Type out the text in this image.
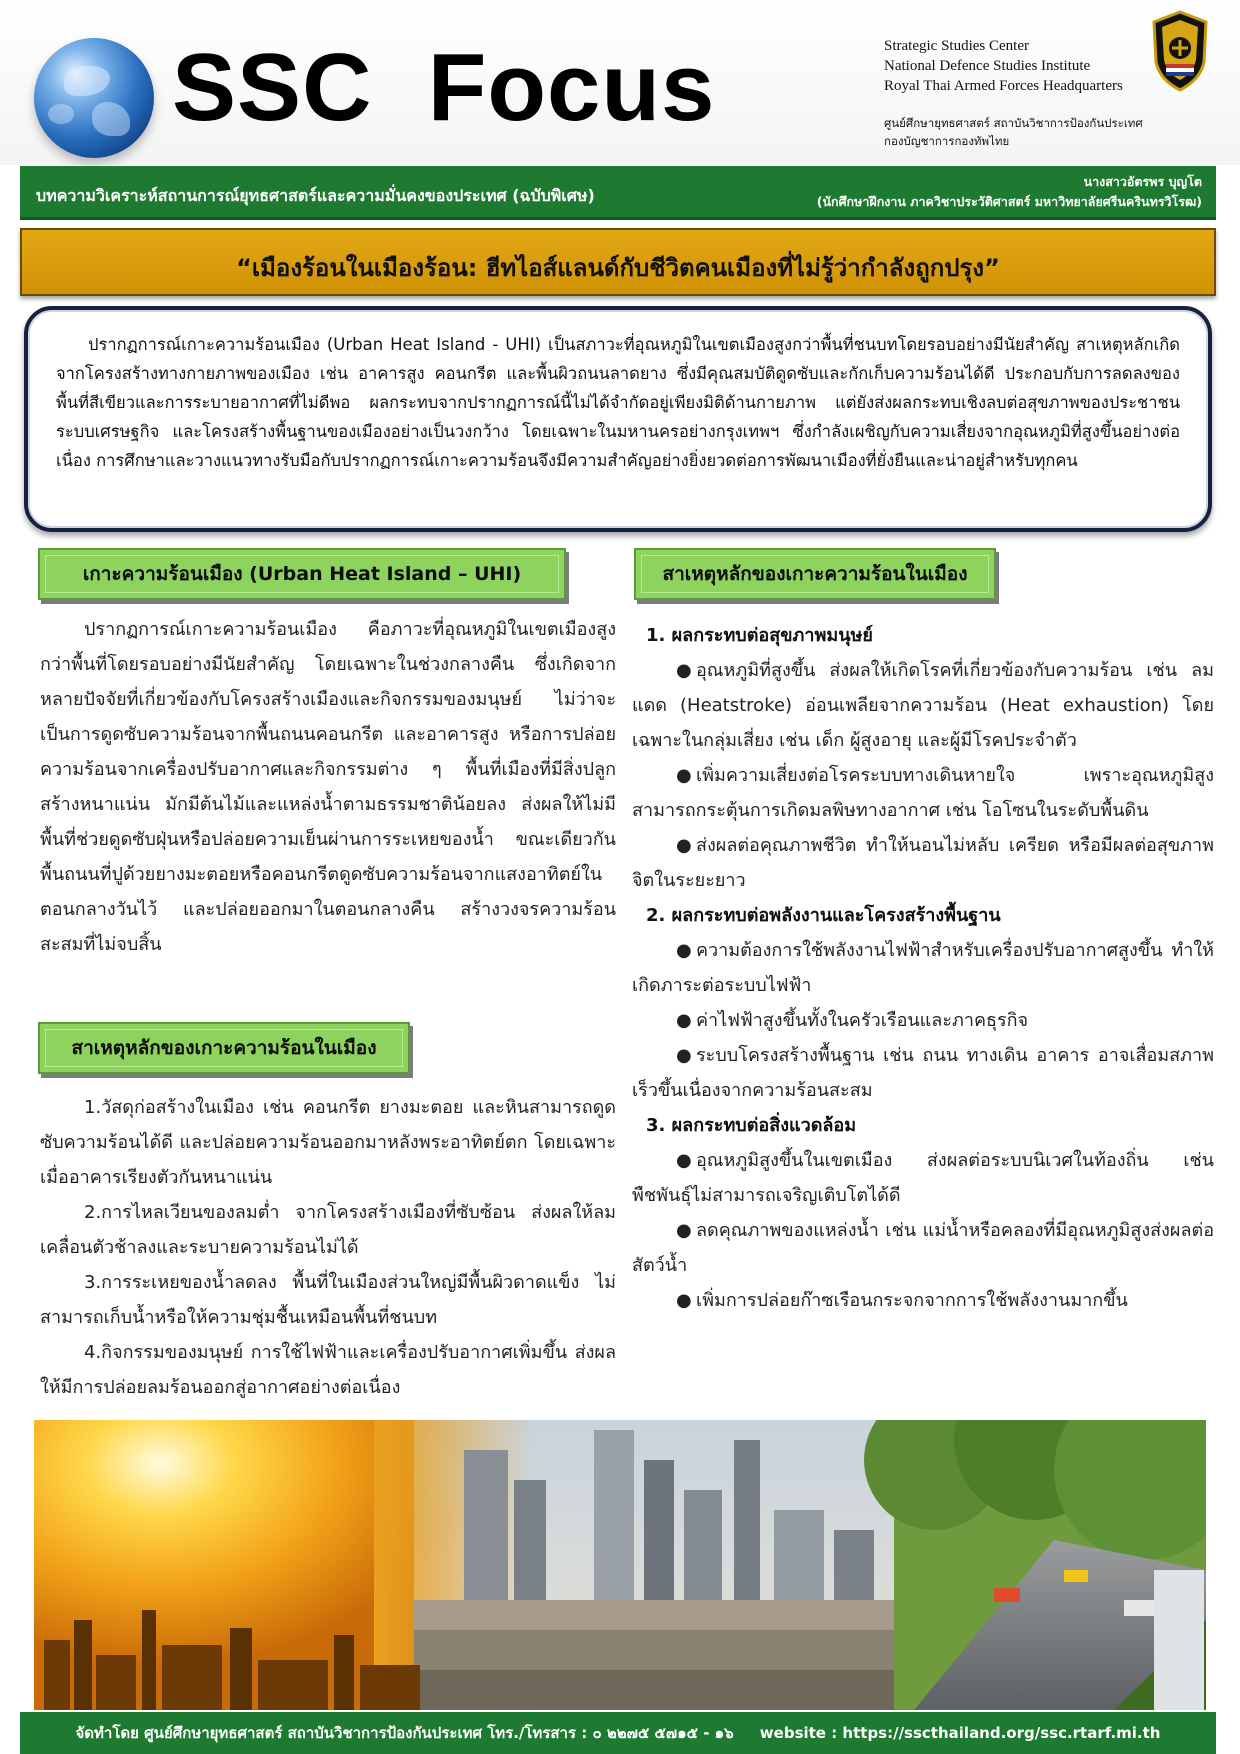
SSC  Focus	Strategic Studies Center
National Defence Studies Institute
Royal Thai Armed Forces Headquarters
ศูนย์ศึกษายุทธศาสตร์ สถาบันวิชาการป้องกันประเทศ
กองบัญชาการกองทัพไทย
บทความวิเคราะห์สถานการณ์ยุทธศาสตร์และความมั่นคงของประเทศ (ฉบับพิเศษ)
นางสาวอัตรพร บุญโต
(นักศึกษาฝึกงาน ภาควิชาประวัติศาสตร์ มหาวิทยาลัยศรีนครินทรวิโรฒ)
“เมืองร้อนในเมืองร้อน: ฮีทไอส์แลนด์กับชีวิตคนเมืองที่ไม่รู้ว่ากำลังถูกปรุง”

ปรากฏการณ์เกาะความร้อนเมือง (Urban Heat Island - UHI) เป็นสภาวะที่อุณหภูมิในเขตเมืองสูงกว่าพื้นที่ชนบทโดยรอบอย่างมีนัยสำคัญ สาเหตุหลักเกิดจากโครงสร้างทางกายภาพของเมือง เช่น อาคารสูง คอนกรีต และพื้นผิวถนนลาดยาง ซึ่งมีคุณสมบัติดูดซับและกักเก็บความร้อนได้ดี ประกอบกับการลดลงของพื้นที่สีเขียวและการระบายอากาศที่ไม่ดีพอ ผลกระทบจากปรากฏการณ์นี้ไม่ได้จำกัดอยู่เพียงมิติด้านกายภาพ แต่ยังส่งผลกระทบเชิงลบต่อสุขภาพของประชาชน ระบบเศรษฐกิจ และโครงสร้างพื้นฐานของเมืองอย่างเป็นวงกว้าง โดยเฉพาะในมหานครอย่างกรุงเทพฯ ซึ่งกำลังเผชิญกับความเสี่ยงจากอุณหภูมิที่สูงขึ้นอย่างต่อเนื่อง การศึกษาและวางแนวทางรับมือกับปรากฏการณ์เกาะความร้อนจึงมีความสำคัญอย่างยิ่งยวดต่อการพัฒนาเมืองที่ยั่งยืนและน่าอยู่สำหรับทุกคน

เกาะความร้อนเมือง (Urban Heat Island – UHI)

ปรากฏการณ์เกาะความร้อนเมือง คือภาวะที่อุณหภูมิในเขตเมืองสูงกว่าพื้นที่โดยรอบอย่างมีนัยสำคัญ โดยเฉพาะในช่วงกลางคืน ซึ่งเกิดจากหลายปัจจัยที่เกี่ยวข้องกับโครงสร้างเมืองและกิจกรรมของมนุษย์ ไม่ว่าจะเป็นการดูดซับความร้อนจากพื้นถนนคอนกรีต และอาคารสูง หรือการปล่อยความร้อนจากเครื่องปรับอากาศและกิจกรรมต่าง ๆ พื้นที่เมืองที่มีสิ่งปลูกสร้างหนาแน่น มักมีต้นไม้และแหล่งน้ำตามธรรมชาติน้อยลง ส่งผลให้ไม่มีพื้นที่ช่วยดูดซับฝุ่นหรือปล่อยความเย็นผ่านการระเหยของน้ำ ขณะเดียวกัน พื้นถนนที่ปูด้วยยางมะตอยหรือคอนกรีตดูดซับความร้อนจากแสงอาทิตย์ในตอนกลางวันไว้ และปล่อยออกมาในตอนกลางคืน สร้างวงจรความร้อนสะสมที่ไม่จบสิ้น

สาเหตุหลักของเกาะความร้อนในเมือง

1.วัสดุก่อสร้างในเมือง เช่น คอนกรีต ยางมะตอย และหินสามารถดูดซับความร้อนได้ดี และปล่อยความร้อนออกมาหลังพระอาทิตย์ตก โดยเฉพาะเมื่ออาคารเรียงตัวกันหนาแน่น

2.การไหลเวียนของลมต่ำ จากโครงสร้างเมืองที่ซับซ้อน ส่งผลให้ลมเคลื่อนตัวช้าลงและระบายความร้อนไม่ได้

3.การระเหยของน้ำลดลง พื้นที่ในเมืองส่วนใหญ่มีพื้นผิวดาดแข็ง ไม่สามารถเก็บน้ำหรือให้ความชุ่มชื้นเหมือนพื้นที่ชนบท

4.กิจกรรมของมนุษย์ การใช้ไฟฟ้าและเครื่องปรับอากาศเพิ่มขึ้น ส่งผลให้มีการปล่อยลมร้อนออกสู่อากาศอย่างต่อเนื่อง

สาเหตุหลักของเกาะความร้อนในเมือง
1. ผลกระทบต่อสุขภาพมนุษย์

● อุณหภูมิที่สูงขึ้น ส่งผลให้เกิดโรคที่เกี่ยวข้องกับความร้อน เช่น ลมแดด (Heatstroke) อ่อนเพลียจากความร้อน (Heat exhaustion) โดยเฉพาะในกลุ่มเสี่ยง เช่น เด็ก ผู้สูงอายุ และผู้มีโรคประจำตัว

● เพิ่มความเสี่ยงต่อโรคระบบทางเดินหายใจ เพราะอุณหภูมิสูงสามารถกระตุ้นการเกิดมลพิษทางอากาศ เช่น โอโซนในระดับพื้นดิน

● ส่งผลต่อคุณภาพชีวิต ทำให้นอนไม่หลับ เครียด หรือมีผลต่อสุขภาพจิตในระยะยาว

2. ผลกระทบต่อพลังงานและโครงสร้างพื้นฐาน

● ความต้องการใช้พลังงานไฟฟ้าสำหรับเครื่องปรับอากาศสูงขึ้น ทำให้เกิดภาระต่อระบบไฟฟ้า

● ค่าไฟฟ้าสูงขึ้นทั้งในครัวเรือนและภาคธุรกิจ

● ระบบโครงสร้างพื้นฐาน เช่น ถนน ทางเดิน อาคาร อาจเสื่อมสภาพเร็วขึ้นเนื่องจากความร้อนสะสม

3. ผลกระทบต่อสิ่งแวดล้อม

● อุณหภูมิสูงขึ้นในเขตเมือง ส่งผลต่อระบบนิเวศในท้องถิ่น เช่น พืชพันธุ์ไม่สามารถเจริญเติบโตได้ดี

● ลดคุณภาพของแหล่งน้ำ เช่น แม่น้ำหรือคลองที่มีอุณหภูมิสูงส่งผลต่อสัตว์น้ำ

● เพิ่มการปล่อยก๊าซเรือนกระจกจากการใช้พลังงานมากขึ้น

จัดทำโดย ศูนย์ศึกษายุทธศาสตร์ สถาบันวิชาการป้องกันประเทศ โทร./โทรสาร : ๐ ๒๒๗๕ ๕๗๑๕ - ๑๖     website : https://sscthailand.org/ssc.rtarf.mi.th
